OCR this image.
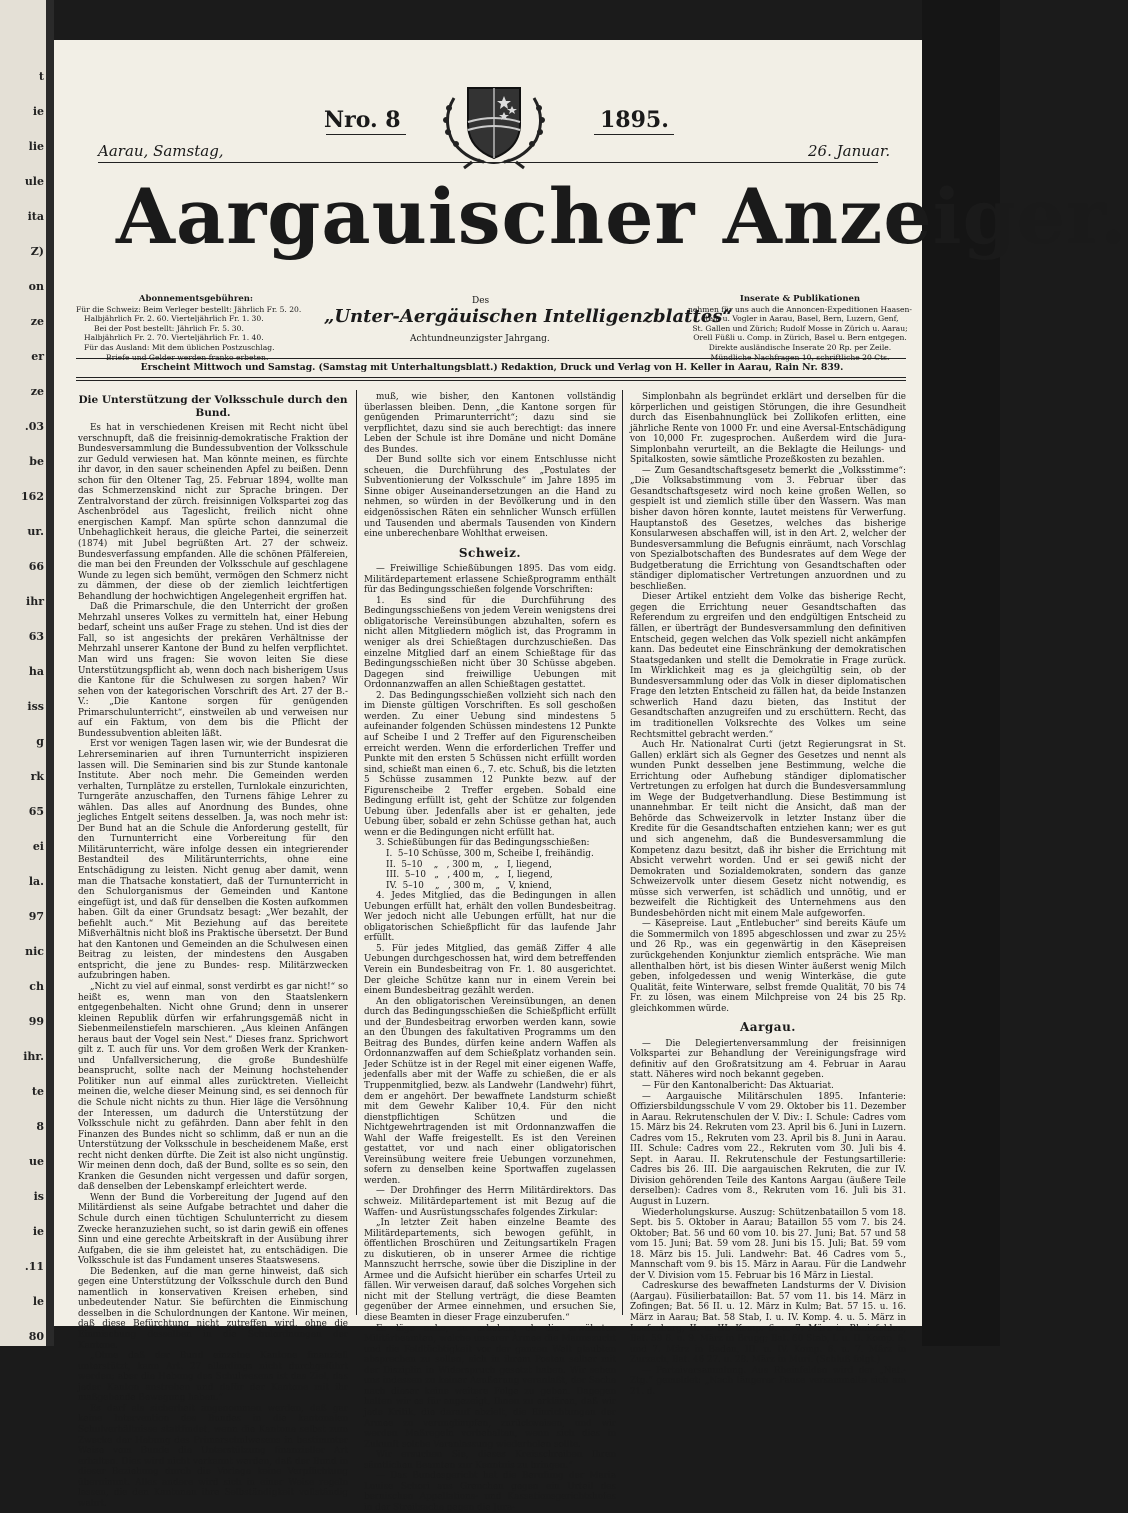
t
ie
lie
ule
ita
Z)
on
ze
er
ze
.03
be
162
ur.
66
ihr
63
ha
iss
g
rk
65
ei
la.
97
nic
ch
99
ihr.
te
8
ue
is
ie
.11
le
80
Nro. 8	1895.
Aarau, Samstag,	26. Januar.
Aargauischer Anzeiger.
Abonnementsgebühren:
Für die Schweiz: Beim Verleger bestellt: Jährlich Fr. 5. 20.
Halbjährlich Fr. 2. 60. Vierteljährlich Fr. 1. 30.
Bei der Post bestellt: Jährlich Fr. 5. 30.
Halbjährlich Fr. 2. 70. Vierteljährlich Fr. 1. 40.
Für das Ausland: Mit dem üblichen Postzuschlag.
Des
„Unter-Aergäuischen Intelligenzblattes“
Achtundneunzigster Jahrgang.
Inserate & Publikationen
nehmen für uns auch die Annoncen-Expeditionen Haasen-
stein u. Vogler in Aarau, Basel, Bern, Luzern, Genf,
St. Gallen und Zürich; Rudolf Mosse in Zürich u. Aarau;
Orell Füßli u. Comp. in Zürich, Basel u. Bern entgegen.
Direkte ausländische Inserate 20 Rp. per Zeile.
Erscheint Mittwoch und Samstag. (Samstag mit Unterhaltungsblatt.) Redaktion, Druck und Verlag von H. Keller in Aarau, Rain Nr. 839.

Die Unterstützung der Volksschule durch den Bund.

Es hat in verschiedenen Kreisen mit Recht nicht übel verschnupft, daß die freisinnig-demokratische Fraktion der Bundesversammlung die Bundessubvention der Volksschule zur Geduld verwiesen hat. Man könnte meinen, es fürchte ihr davor, in den sauer scheinenden Apfel zu beißen. Denn schon für den Oltener Tag, 25. Februar 1894, wollte man das Schmerzenskind nicht zur Sprache bringen. Der Zentralvorstand der zürch. freisinnigen Volkspartei zog das Aschenbrödel aus Tageslicht, freilich nicht ohne energischen Kampf. Man spürte schon dannzumal die Unbehaglichkeit heraus, die gleiche Partei, die seinerzeit (1874) mit Jubel begrüßten Art. 27 der schweiz. Bundesverfassung empfanden. Alle die schönen Pfälfereien, die man bei den Freunden der Volksschule auf geschlagene Wunde zu legen sich bemüht, vermögen den Schmerz nicht zu dämmen, der diese ob der ziemlich leichtfertigen Behandlung der hochwichtigen Angelegenheit ergriffen hat.

Daß die Primarschule, die den Unterricht der großen Mehrzahl unseres Volkes zu vermitteln hat, einer Hebung bedarf, scheint uns außer Frage zu stehen. Und ist dies der Fall, so ist angesichts der prekären Verhältnisse der Mehrzahl unserer Kantone der Bund zu helfen verpflichtet. Man wird uns fragen: Sie wovon leiten Sie diese Unterstützungspflicht ab, wenn doch nach bisherigem Usus die Kantone für die Schulwesen zu sorgen haben? Wir sehen von der kategorischen Vorschrift des Art. 27 der B.-V.: „Die Kantone sorgen für genügenden Primarschulunterricht“, einstweilen ab und verweisen nur auf ein Faktum, von dem bis die Pflicht der Bundessubvention ableiten läßt.

Erst vor wenigen Tagen lasen wir, wie der Bundesrat die Lehrerseminarien auf ihren Turnunterricht inspizieren lassen will. Die Seminarien sind bis zur Stunde kantonale Institute. Aber noch mehr. Die Gemeinden werden verhalten, Turnplätze zu erstellen, Turnlokale einzurichten, Turngeräte anzuschaffen, den Turnens fähige Lehrer zu wählen. Das alles auf Anordnung des Bundes, ohne jegliches Entgelt seitens desselben. Ja, was noch mehr ist: Der Bund hat an die Schule die Anforderung gestellt, für den Turnunterricht eine Vorbereitung für den Militärunterricht, wäre infolge dessen ein integrierender Bestandteil des Militärunterrichts, ohne eine Entschädigung zu leisten. Nicht genug aber damit, wenn man die Thatsache konstatiert, daß der Turnunterricht in den Schulorganismus der Gemeinden und Kantone eingefügt ist, und daß für denselben die Kosten aufkommen haben. Gilt da einer Grundsatz besagt: „Wer bezahlt, der befiehlt auch.“ Mit Beziehung auf das bereitete Mißverhältnis nicht bloß ins Praktische übersetzt. Der Bund hat den Kantonen und Gemeinden an die Schulwesen einen Beitrag zu leisten, der mindestens den Ausgaben entspricht, die jene zu Bundes- resp. Militärzwecken aufzubringen haben.

„Nicht zu viel auf einmal, sonst verdirbt es gar nicht!“ so heißt es, wenn man von den Staatslenkern entgegenbehalten. Nicht ohne Grund; denn in unserer kleinen Republik dürfen wir erfahrungsgemäß nicht in Siebenmeilenstiefeln marschieren. „Aus kleinen Anfängen heraus baut der Vogel sein Nest.“ Dieses franz. Sprichwort gilt z. T. auch für uns. Vor dem großen Werk der Kranken- und Unfallversicherung, die große Bundeshülfe beansprucht, sollte nach der Meinung hochstehender Politiker nun auf einmal alles zurücktreten. Vielleicht meinen die, welche dieser Meinung sind, es sei dennoch für die Schule nicht nichts zu thun. Hier läge die Versöhnung der Interessen, um dadurch die Unterstützung der Volksschule nicht zu gefährden. Dann aber fehlt in den Finanzen des Bundes nicht so schlimm, daß er nun an die Unterstützung der Volksschule in bescheidenem Maße, erst recht nicht denken dürfte. Die Zeit ist also nicht ungünstig. Wir meinen denn doch, daß der Bund, sollte es so sein, den Kranken die Gesunden nicht vergessen und dafür sorgen, daß denselben der Lebenskampf erleichtert werde.

Wenn der Bund die Vorbereitung der Jugend auf den Militärdienst als seine Aufgabe betrachtet und daher die Schule durch einen tüchtigen Schulunterricht zu diesem Zwecke heranzuziehen sucht, so ist darin gewiß ein offenes Sinn und eine gerechte Arbeitskraft in der Ausübung ihrer Aufgaben, die sie ihm geleistet hat, zu entschädigen. Die Volksschule ist das Fundament unseres Staatswesens.

Die Bedenken, auf die man gerne hinweist, daß sich gegen eine Unterstützung der Volksschule durch den Bund namentlich in konservativen Kreisen erheben, sind unbedeutender Natur. Sie befürchten die Einmischung desselben in die Schulordnungen der Kantone. Wir meinen, daß diese Befürchtung nicht zutreffen wird, ohne die Einmischung desselben in die Schulordnungen der Kantone.

„Ohne daß der Bund einzelne Kantone finanziell unterstützt, kann Art. 27 allerdings nicht durchgeführt werden; aber die Hebung des Schulwesens ist das Ziel, das jeder Kanton anstreben und dafür der Kantone mit ihr maßgebende Bewegung haben.“

Es darf als sicherheit angenommen werden, daß gar keine Intervention des Bundes in die kantonalen Schulverhältnisse stattfindet, wenn die Kantone selbst zum Zwecke der Hebung des Primarschulwesens in bestimmter Weise vom Bunde die Unterstützung finanzieller Art erhalten. Dies wird nicht verkannt werden, daß der Bund in dieser Beziehung durch die Vorlage keine Verpflichtung übernimmt. Alles andere wird sich in einer Weise regeln lassen, die den Kantonen ihre Selbständigkeit vollständig wahrt.

muß, wie bisher, den Kantonen vollständig überlassen bleiben. Denn, „die Kantone sorgen für genügenden Primarunterricht“; dazu sind sie verpflichtet, dazu sind sie auch berechtigt: das innere Leben der Schule ist ihre Domäne und nicht Domäne des Bundes.

Der Bund sollte sich vor einem Entschlusse nicht scheuen, die Durchführung des „Postulates der Subventionierung der Volksschule“ im Jahre 1895 im Sinne obiger Auseinandersetzungen an die Hand zu nehmen, so würden in der Bevölkerung und in den eidgenössischen Räten ein sehnlicher Wunsch erfüllen und Tausenden und abermals Tausenden von Kindern eine unberechenbare Wohlthat erweisen.

Schweiz.

— Freiwillige Schießübungen 1895. Das vom eidg. Militärdepartement erlassene Schießprogramm enthält für das Bedingungsschießen folgende Vorschriften:

1. Es sind für die Durchführung des Bedingungsschießens von jedem Verein wenigstens drei obligatorische Vereinsübungen abzuhalten, sofern es nicht allen Mitgliedern möglich ist, das Programm in weniger als drei Schießtagen durchzuschießen. Das einzelne Mitglied darf an einem Schießtage für das Bedingungsschießen nicht über 30 Schüsse abgeben. Dagegen sind freiwillige Uebungen mit Ordonnanzwaffen an allen Schießtagen gestattet.

2. Das Bedingungsschießen vollzieht sich nach den im Dienste gültigen Vorschriften. Es soll geschoßen werden. Zu einer Uebung sind mindestens 5 aufeinander folgenden Schüssen mindestens 12 Punkte auf Scheibe I und 2 Treffer auf den Figurenscheiben erreicht werden. Wenn die erforderlichen Treffer und Punkte mit den ersten 5 Schüssen nicht erfüllt worden sind, schießt man einen 6., 7. etc. Schuß, bis die letzten 5 Schüsse zusammen 12 Punkte bezw. auf der Figurenscheibe 2 Treffer ergeben. Sobald eine Bedingung erfüllt ist, geht der Schütze zur folgenden Uebung über. Jedenfalls aber ist er gehalten, jede Uebung über, sobald er zehn Schüsse gethan hat, auch wenn er die Bedingungen nicht erfüllt hat.

3. Schießübungen für das Bedingungsschießen:

I.  5–10 Schüsse, 300 m, Scheibe I, freihändig.

II.  5–10    „   , 300 m,    „   I, liegend,

III.  5–10   „   , 400 m,    „   I, liegend,

IV.  5–10    „   , 300 m,    „   V, kniend,

4. Jedes Mitglied, das die Bedingungen in allen Uebungen erfüllt hat, erhält den vollen Bundesbeitrag. Wer jedoch nicht alle Uebungen erfüllt, hat nur die obligatorischen Schießpflicht für das laufende Jahr erfüllt.

5. Für jedes Mitglied, das gemäß Ziffer 4 alle Uebungen durchgeschossen hat, wird dem betreffenden Verein ein Bundesbeitrag von Fr. 1. 80 ausgerichtet. Der gleiche Schütze kann nur in einem Verein bei einem Bundesbeitrag gezählt werden.

An den obligatorischen Vereinsübungen, an denen durch das Bedingungsschießen die Schießpflicht erfüllt und der Bundesbeitrag erworben werden kann, sowie an den Übungen des fakultativen Programms um den Beitrag des Bundes, dürfen keine andern Waffen als Ordonnanzwaffen auf dem Schießplatz vorhanden sein. Jeder Schütze ist in der Regel mit einer eigenen Waffe, jedenfalls aber mit der Waffe zu schießen, die er als Truppenmitglied, bezw. als Landwehr (Landwehr) führt, dem er angehört. Der bewaffnete Landsturm schießt mit dem Gewehr Kaliber 10,4. Für den nicht dienstpflichtigen Schützen und die Nichtgewehrtragenden ist mit Ordonnanzwaffen die Wahl der Waffe freigestellt. Es ist den Vereinen gestattet, vor und nach einer obligatorischen Vereinsübung weitere freie Uebungen vorzunehmen, sofern zu denselben keine Sportwaffen zugelassen werden.

— Der Drohfinger des Herrn Militärdirektors. Das schweiz. Militärdepartement ist mit Bezug auf die Waffen- und Ausrüstungsschafes folgendes Zirkular:

„In letzter Zeit haben einzelne Beamte des Militärdepartements, sich bewogen gefühlt, in öffentlichen Broschüren und Zeitungsartikeln Fragen zu diskutieren, ob in unserer Armee die richtige Mannszucht herrsche, sowie über die Diszipline in der Armee und die Aufsicht hierüber ein scharfes Urteil zu fällen. Wir verweisen darauf, daß solches Vorgehen sich nicht mit der Stellung verträgt, die diese Beamten gegenüber der Armee einnehmen, und ersuchen Sie, diese Beamten in dieser Frage einzuberufen.“

Es läge nahe, zu erheben, ob die erwähnten Militärbeamten, welche unserer Armee die Mannszucht und die Feldtüchtigkeit vor der ganzen Welt glaubten absprechen zu sollen, sich in ihrem Posten selber mit der Disziplin in Widerspruch gesetzt haben. Wir sehen uns indessen zu keiner Aeußerung veranlaßt, der Sache nach dieser keine weitere Folge zu geben. Dagegen halten wir es für angezeigt, Ihnen zu erklären, daß wir jede Kritik, die darauf abzielt, die Einrichtungen der Armee zu verunglimpfen, zurückweisen, und wir werden Maßregeln vorbehalten, wenn sich dies in Zukunft solche Veranlassung wiederholen sollte.

Wir ersuchen Sie, dieses Kreisschreiben Ihren sämtlichen Beamten zur Kenntnis zu bringen.“

— Das Bundesgericht hat die Berufung der Maria Louise Schori aus Grenchen gegen ein Urteil des bernischen Appellations- und Kassationsgerichtshofes in der Streitsache gegen die Jura-

Simplonbahn als begründet erklärt und derselben für die körperlichen und geistigen Störungen, die ihre Gesundheit durch das Eisenbahnunglück bei Zollikofen erlitten, eine jährliche Rente von 1000 Fr. und eine Aversal-Entschädigung von 10,000 Fr. zugesprochen. Außerdem wird die Jura-Simplonbahn verurteilt, an die Beklagte die Heilungs- und Spitalkosten, sowie sämtliche Prozeßkosten zu bezahlen.

— Zum Gesandtschaftsgesetz bemerkt die „Volksstimme“: „Die Volksabstimmung vom 3. Februar über das Gesandtschaftsgesetz wird noch keine großen Wellen, so gespielt ist und ziemlich stille über den Wassern. Was man bisher davon hören konnte, lautet meistens für Verwerfung. Hauptanstoß des Gesetzes, welches das bisherige Konsularwesen abschaffen will, ist in den Art. 2, welcher der Bundesversammlung die Befugnis einräumt, nach Vorschlag von Spezialbotschaften des Bundesrates auf dem Wege der Budgetberatung die Errichtung von Gesandtschaften oder ständiger diplomatischer Vertretungen anzuordnen und zu beschließen.

Dieser Artikel entzieht dem Volke das bisherige Recht, gegen die Errichtung neuer Gesandtschaften das Referendum zu ergreifen und den endgültigen Entscheid zu fällen, er überträgt der Bundesversammlung den definitiven Entscheid, gegen welchen das Volk speziell nicht ankämpfen kann. Das bedeutet eine Einschränkung der demokratischen Staatsgedanken und stellt die Demokratie in Frage zurück. Im Wirklichkeit mag es ja gleichgültig sein, ob der Bundesversammlung oder das Volk in dieser diplomatischen Frage den letzten Entscheid zu fällen hat, da beide Instanzen schwerlich Hand dazu bieten, das Institut der Gesandtschaften anzugreifen und zu erschüttern. Recht, das im traditionellen Volksrechte des Volkes um seine Rechtsmittel gebracht werden.“

Auch Hr. Nationalrat Curti (jetzt Regierungsrat in St. Gallen) erklärt sich als Gegner des Gesetzes und nennt als wunden Punkt desselben jene Bestimmung, welche die Errichtung oder Aufhebung ständiger diplomatischer Vertretungen zu erfolgen hat durch die Bundesversammlung im Wege der Budgetverhandlung. Diese Bestimmung ist unannehmbar. Er teilt nicht die Ansicht, daß man der Behörde das Schweizervolk in letzter Instanz über die Kredite für die Gesandtschaften entziehen kann; wer es gut und sich angenehm, daß die Bundesversammlung die Kompetenz dazu besitzt, daß ihr bisher die Errichtung mit Absicht verwehrt worden. Und er sei gewiß nicht der Demokraten und Sozialdemokraten, sondern das ganze Schweizervolk unter diesem Gesetz nicht notwendig, es müsse sich verwerfen, ist schädlich und unnötig, und er bezweifelt die Richtigkeit des Unternehmens aus den Bundesbehörden nicht mit einem Male aufgeworfen.

— Käsepreise. Laut „Entlebucher“ sind bereits Käufe um die Sommermilch von 1895 abgeschlossen und zwar zu 25½ und 26 Rp., was ein gegenwärtig in den Käsepreisen zurückgehenden Konjunktur ziemlich entspräche. Wie man allenthalben hört, ist bis diesen Winter äußerst wenig Milch geben, infolgedessen und wenig Winterkäse, die gute Qualität, feite Winterware, selbst fremde Qualität, 70 bis 74 Fr. zu lösen, was einem Milchpreise von 24 bis 25 Rp. gleichkommen würde.

Aargau.

— Die Delegiertenversammlung der freisinnigen Volkspartei zur Behandlung der Vereinigungsfrage wird definitiv auf den Großratsitzung am 4. Februar in Aarau statt. Näheres wird noch bekannt gegeben.

— Für den Kantonalbericht: Das Aktuariat.

— Aargauische Militärschulen 1895. Infanterie: Offiziersbildungsschule V vom 29. Oktober bis 11. Dezember in Aarau. Rekrutenschulen der V. Div.: I. Schule: Cadres vom 15. März bis 24. Rekruten vom 23. April bis 6. Juni in Luzern. Cadres vom 15., Rekruten vom 23. April bis 8. Juni in Aarau. III. Schule: Cadres vom 22., Rekruten vom 30. Juli bis 4. Sept. in Aarau. II. Rekrutenschule der Festungsartillerie: Cadres bis 26. III. Die aargauischen Rekruten, die zur IV. Division gehörenden Teile des Kantons Aargau (äußere Teile derselben): Cadres vom 8., Rekruten vom 16. Juli bis 31. August in Luzern.

Wiederholungskurse. Auszug: Schützenbataillon 5 vom 18. Sept. bis 5. Oktober in Aarau; Bataillon 55 vom 7. bis 24. Oktober; Bat. 56 und 60 vom 10. bis 27. Juni; Bat. 57 und 58 vom 15. Juni; Bat. 59 vom 28. Juni bis 15. Juli; Bat. 59 vom 18. März bis 15. Juli. Landwehr: Bat. 46 Cadres vom 5., Mannschaft vom 9. bis 15. März in Aarau. Für die Landwehr der V. Division vom 15. Februar bis 16 März in Liestal.

Cadreskurse des bewaffneten Landsturms der V. Division (Aargau). Füsilierbataillon: Bat. 57 vom 11. bis 14. März in Zofingen; Bat. 56 II. u. 12. März in Kulm; Bat. 57 15. u. 16. März in Aarau; Bat. 58 Stab, I. u. IV. Komp. 4. u. 5. März in Laufenburg, II. u. III. Komp. 6. u. 7. März in Rheinfelden, Bat. 59 8. u. 9. März in Brugg; Bat. 60 Stab, I. u. II. Komp. 6. und 7. März in Baden, III. u. IV. Komp. 6. u. 7. März in Zurzach, Bat. 46 27. u. 28. März in Muri. (Schluß folgt.)

— Parteiversammlung. Aus Rheinfelden wird der „Nat.-Ztg.“ gemeldet: „Nach längerer Pause versammelte sich am 21. d.
